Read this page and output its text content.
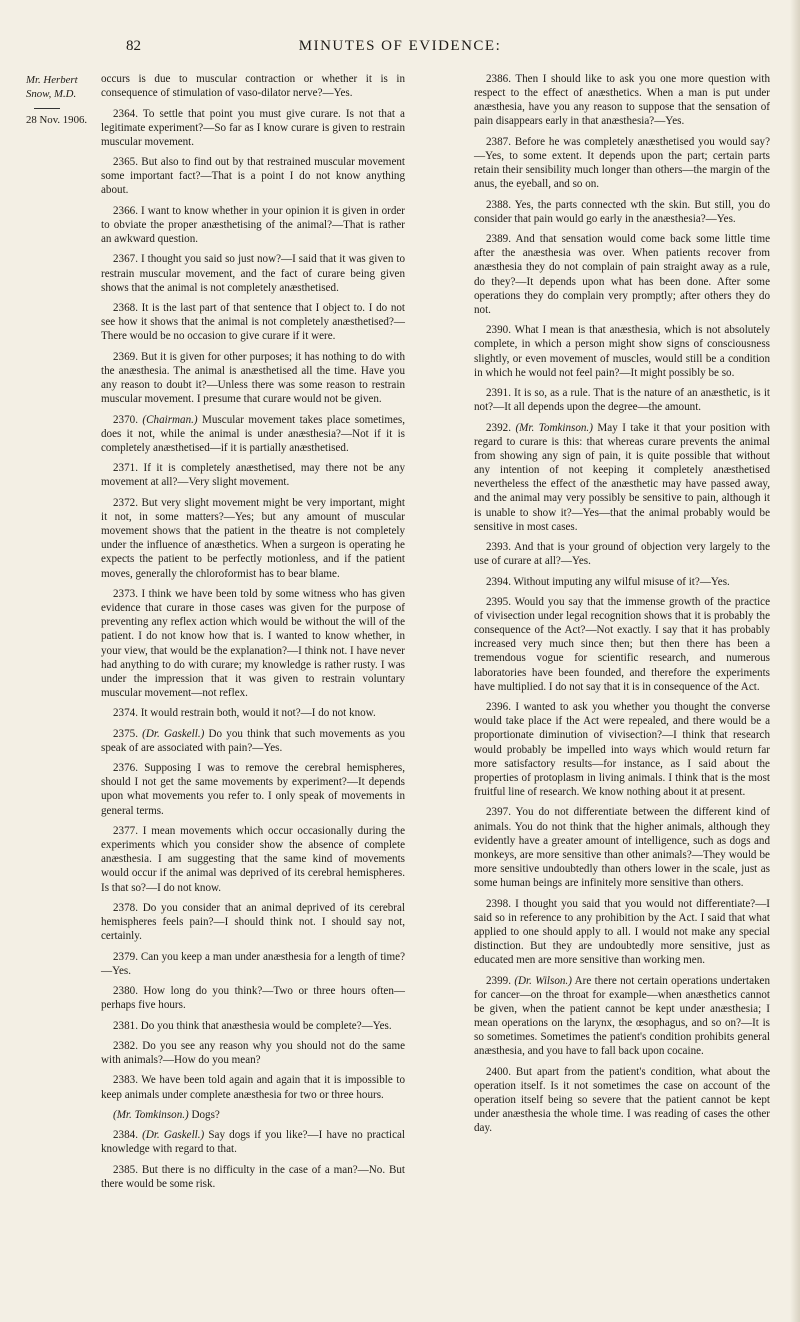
82	MINUTES OF EVIDENCE:
Mr. Herbert Snow, M.D.
28 Nov. 1906.

occurs is due to muscular contraction or whether it is in consequence of stimulation of vaso-dilator nerve?—Yes.

2364. To settle that point you must give curare. Is not that a legitimate experiment?—So far as I know curare is given to restrain muscular movement.

2365. But also to find out by that restrained muscular movement some important fact?—That is a point I do not know anything about.

2366. I want to know whether in your opinion it is given in order to obviate the proper anæsthetising of the animal?—That is rather an awkward question.

2367. I thought you said so just now?—I said that it was given to restrain muscular movement, and the fact of curare being given shows that the animal is not completely anæsthetised.

2368. It is the last part of that sentence that I object to. I do not see how it shows that the animal is not completely anæsthetised?—There would be no occasion to give curare if it were.

2369. But it is given for other purposes; it has nothing to do with the anæsthesia. The animal is anæsthetised all the time. Have you any reason to doubt it?—Unless there was some reason to restrain muscular movement. I presume that curare would not be given.

2370. (Chairman.) Muscular movement takes place sometimes, does it not, while the animal is under anæsthesia?—Not if it is completely anæsthetised—if it is partially anæsthetised.

2371. If it is completely anæsthetised, may there not be any movement at all?—Very slight movement.

2372. But very slight movement might be very important, might it not, in some matters?—Yes; but any amount of muscular movement shows that the patient in the theatre is not completely under the influence of anæsthetics. When a surgeon is operating he expects the patient to be perfectly motionless, and if the patient moves, generally the chloroformist has to bear blame.

2373. I think we have been told by some witness who has given evidence that curare in those cases was given for the purpose of preventing any reflex action which would be without the will of the patient. I do not know how that is. I wanted to know whether, in your view, that would be the explanation?—I think not. I have never had anything to do with curare; my knowledge is rather rusty. I was under the impression that it was given to restrain voluntary muscular movement—not reflex.

2374. It would restrain both, would it not?—I do not know.

2375. (Dr. Gaskell.) Do you think that such movements as you speak of are associated with pain?—Yes.

2376. Supposing I was to remove the cerebral hemispheres, should I not get the same movements by experiment?—It depends upon what movements you refer to. I only speak of movements in general terms.

2377. I mean movements which occur occasionally during the experiments which you consider show the absence of complete anæsthesia. I am suggesting that the same kind of movements would occur if the animal was deprived of its cerebral hemispheres. Is that so?—I do not know.

2378. Do you consider that an animal deprived of its cerebral hemispheres feels pain?—I should think not. I should say not, certainly.

2379. Can you keep a man under anæsthesia for a length of time?—Yes.

2380. How long do you think?—Two or three hours often—perhaps five hours.

2381. Do you think that anæsthesia would be complete?—Yes.

2382. Do you see any reason why you should not do the same with animals?—How do you mean?

2383. We have been told again and again that it is impossible to keep animals under complete anæsthesia for two or three hours.

(Mr. Tomkinson.) Dogs?

2384. (Dr. Gaskell.) Say dogs if you like?—I have no practical knowledge with regard to that.

2385. But there is no difficulty in the case of a man?—No. But there would be some risk.

2386. Then I should like to ask you one more question with respect to the effect of anæsthetics. When a man is put under anæsthesia, have you any reason to suppose that the sensation of pain disappears early in that anæsthesia?—Yes.

2387. Before he was completely anæsthetised you would say?—Yes, to some extent. It depends upon the part; certain parts retain their sensibility much longer than others—the margin of the anus, the eyeball, and so on.

2388. Yes, the parts connected wth the skin. But still, you do consider that pain would go early in the anæsthesia?—Yes.

2389. And that sensation would come back some little time after the anæsthesia was over. When patients recover from anæsthesia they do not complain of pain straight away as a rule, do they?—It depends upon what has been done. After some operations they do complain very promptly; after others they do not.

2390. What I mean is that anæsthesia, which is not absolutely complete, in which a person might show signs of consciousness slightly, or even movement of muscles, would still be a condition in which he would not feel pain?—It might possibly be so.

2391. It is so, as a rule. That is the nature of an anæsthetic, is it not?—It all depends upon the degree—the amount.

2392. (Mr. Tomkinson.) May I take it that your position with regard to curare is this: that whereas curare prevents the animal from showing any sign of pain, it is quite possible that without any intention of not keeping it completely anæsthetised nevertheless the effect of the anæsthetic may have passed away, and the animal may very possibly be sensitive to pain, although it is unable to show it?—Yes—that the animal probably would be sensitive in most cases.

2393. And that is your ground of objection very largely to the use of curare at all?—Yes.

2394. Without imputing any wilful misuse of it?—Yes.

2395. Would you say that the immense growth of the practice of vivisection under legal recognition shows that it is probably the consequence of the Act?—Not exactly. I say that it has probably increased very much since then; but then there has been a tremendous vogue for scientific research, and numerous laboratories have been founded, and therefore the experiments have multiplied. I do not say that it is in consequence of the Act.

2396. I wanted to ask you whether you thought the converse would take place if the Act were repealed, and there would be a proportionate diminution of vivisection?—I think that research would probably be impelled into ways which would return far more satisfactory results—for instance, as I said about the properties of protoplasm in living animals. I think that is the most fruitful line of research. We know nothing about it at present.

2397. You do not differentiate between the different kind of animals. You do not think that the higher animals, although they evidently have a greater amount of intelligence, such as dogs and monkeys, are more sensitive than other animals?—They would be more sensitive undoubtedly than others lower in the scale, just as some human beings are infinitely more sensitive than others.

2398. I thought you said that you would not differentiate?—I said so in reference to any prohibition by the Act. I said that what applied to one should apply to all. I would not make any special distinction. But they are undoubtedly more sensitive, just as educated men are more sensitive than working men.

2399. (Dr. Wilson.) Are there not certain operations undertaken for cancer—on the throat for example—when anæsthetics cannot be given, when the patient cannot be kept under anæsthesia; I mean operations on the larynx, the œsophagus, and so on?—It is so sometimes. Sometimes the patient's condition prohibits general anæsthesia, and you have to fall back upon cocaine.

2400. But apart from the patient's condition, what about the operation itself. Is it not sometimes the case on account of the operation itself being so severe that the patient cannot be kept under anæsthesia the whole time. I was reading of cases the other day.
